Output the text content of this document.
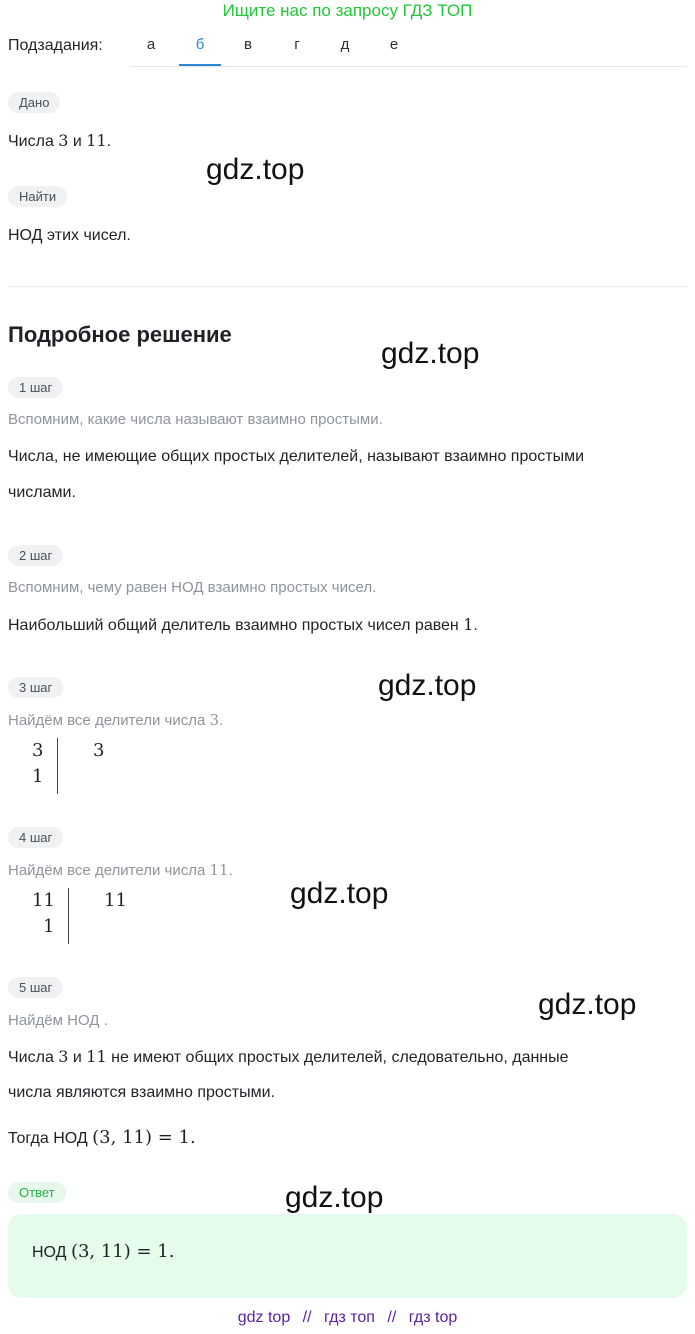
Ищите нас по запросу ГДЗ ТОП
Подзадания:	а	б	в	г	д	е
Дано
Числа 3 и 11.
gdz.top
Найти
НОД этих чисел.
Подробное решение
gdz.top
1 шаг
Вспомним, какие числа называют взаимно простыми.
Числа, не имеющие общих простых делителей, называют взаимно простыми
числами.
2 шаг
Вспомним, чему равен НОД взаимно простых чисел.
Наибольший общий делитель взаимно простых чисел равен 1.
gdz.top
3 шаг
Найдём все делители числа 3.
3
1
3
4 шаг
Найдём все делители числа 11.
gdz.top
11
1
11
5 шаг
gdz.top
Найдём НОД .
Числа 3 и 11 не имеют общих простых делителей, следовательно, данные
числа являются взаимно простыми.
Тогда НОД (3, 11) = 1.
Ответ	gdz.top
НОД (3, 11) = 1.
gdz top // гдз топ // гдз top
